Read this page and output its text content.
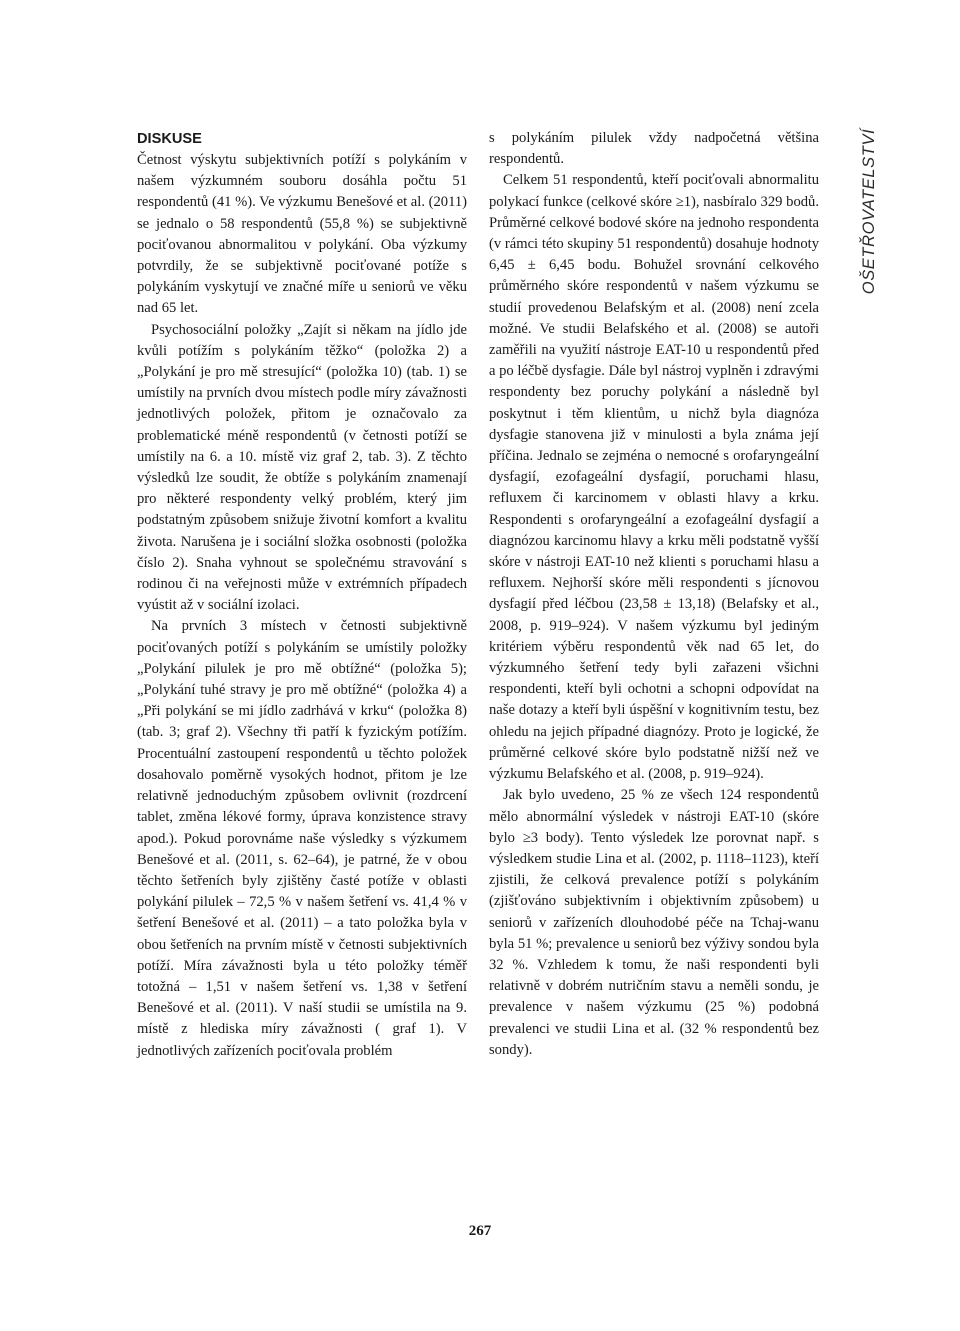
DISKUSE

Četnost výskytu subjektivních potíží s polykáním v našem výzkumném souboru dosáhla počtu 51 respondentů (41 %). Ve výzkumu Benešové et al. (2011) se jednalo o 58 respondentů (55,8 %) se subjektivně pociťovanou abnormalitou v polykání. Oba výzkumy potvrdily, že se subjektivně pociťované potíže s polykáním vyskytují ve značné míře u seniorů ve věku nad 65 let.

Psychosociální položky „Zajít si někam na jídlo jde kvůli potížím s polykáním těžko“ (položka 2) a „Polykání je pro mě stresující“ (položka 10) (tab. 1) se umístily na prvních dvou místech podle míry závažnosti jednotlivých položek, přitom je označovalo za problematické méně respondentů (v četnosti potíží se umístily na 6. a 10. místě viz graf 2, tab. 3). Z těchto výsledků lze soudit, že obtíže s polykáním znamenají pro některé respondenty velký problém, který jim podstatným způsobem snižuje životní komfort a kvalitu života. Narušena je i sociální složka osobnosti (položka číslo 2). Snaha vyhnout se společnému stravování s rodinou či na veřejnosti může v extrémních případech vyústit až v sociální izolaci.

Na prvních 3 místech v četnosti subjektivně pociťovaných potíží s polykáním se umístily položky „Polykání pilulek je pro mě obtížné“ (položka 5); „Polykání tuhé stravy je pro mě obtížné“ (položka 4) a „Při polykání se mi jídlo zadrhává v krku“ (položka 8) (tab. 3; graf 2). Všechny tři patří k fyzickým potížím. Procentuální zastoupení respondentů u těchto položek dosahovalo poměrně vysokých hodnot, přitom je lze relativně jednoduchým způsobem ovlivnit (rozdrcení tablet, změna lékové formy, úprava konzistence stravy apod.). Pokud porovnáme naše výsledky s výzkumem Benešové et al. (2011, s. 62–64), je patrné, že v obou těchto šetřeních byly zjištěny časté potíže v oblasti polykání pilulek – 72,5 % v našem šetření vs. 41,4 % v šetření Benešové et al. (2011) – a tato položka byla v obou šetřeních na prvním místě v četnosti subjektivních potíží. Míra závažnosti byla u této položky téměř totožná – 1,51 v našem šetření vs. 1,38 v šetření Benešové et al. (2011). V naší studii se umístila na 9. místě z hlediska míry závažnosti ( graf 1). V jednotlivých zařízeních pociťovala problém

s polykáním pilulek vždy nadpočetná většina respondentů.

Celkem 51 respondentů, kteří pociťovali abnormalitu polykací funkce (celkové skóre ≥1), nasbíralo 329 bodů. Průměrné celkové bodové skóre na jednoho respondenta (v rámci této skupiny 51 respondentů) dosahuje hodnoty 6,45 ± 6,45 bodu. Bohužel srovnání celkového průměrného skóre respondentů v našem výzkumu se studií provedenou Belafským et al. (2008) není zcela možné. Ve studii Belafského et al. (2008) se autoři zaměřili na využití nástroje EAT-10 u respondentů před a po léčbě dysfagie. Dále byl nástroj vyplněn i zdravými respondenty bez poruchy polykání a následně byl poskytnut i těm klientům, u nichž byla diagnóza dysfagie stanovena již v minulosti a byla známa její příčina. Jednalo se zejména o nemocné s orofaryngeální dysfagií, ezofageální dysfagií, poruchami hlasu, refluxem či karcinomem v oblasti hlavy a krku. Respondenti s orofaryngeální a ezofageální dysfagií a diagnózou karcinomu hlavy a krku měli podstatně vyšší skóre v nástroji EAT-10 než klienti s poruchami hlasu a refluxem. Nejhorší skóre měli respondenti s jícnovou dysfagií před léčbou (23,58 ± 13,18) (Belafsky et al., 2008, p. 919–924). V našem výzkumu byl jediným kritériem výběru respondentů věk nad 65 let, do výzkumného šetření tedy byli zařazeni všichni respondenti, kteří byli ochotni a schopni odpovídat na naše dotazy a kteří byli úspěšní v kognitivním testu, bez ohledu na jejich případné diagnózy. Proto je logické, že průměrné celkové skóre bylo podstatně nižší než ve výzkumu Belafského et al. (2008, p. 919–924).

Jak bylo uvedeno, 25 % ze všech 124 respondentů mělo abnormální výsledek v nástroji EAT-10 (skóre bylo ≥3 body). Tento výsledek lze porovnat např. s výsledkem studie Lina et al. (2002, p. 1118–1123), kteří zjistili, že celková prevalence potíží s polykáním (zjišťováno subjektivním i objektivním způsobem) u seniorů v zařízeních dlouhodobé péče na Tchaj-wanu byla 51 %; prevalence u seniorů bez výživy sondou byla 32 %. Vzhledem k tomu, že naši respondenti byli relativně v dobrém nutričním stavu a neměli sondu, je prevalence v našem výzkumu (25 %) podobná prevalenci ve studii Lina et al. (32 % respondentů bez sondy).

OŠETŘOVATELSTVÍ
267
